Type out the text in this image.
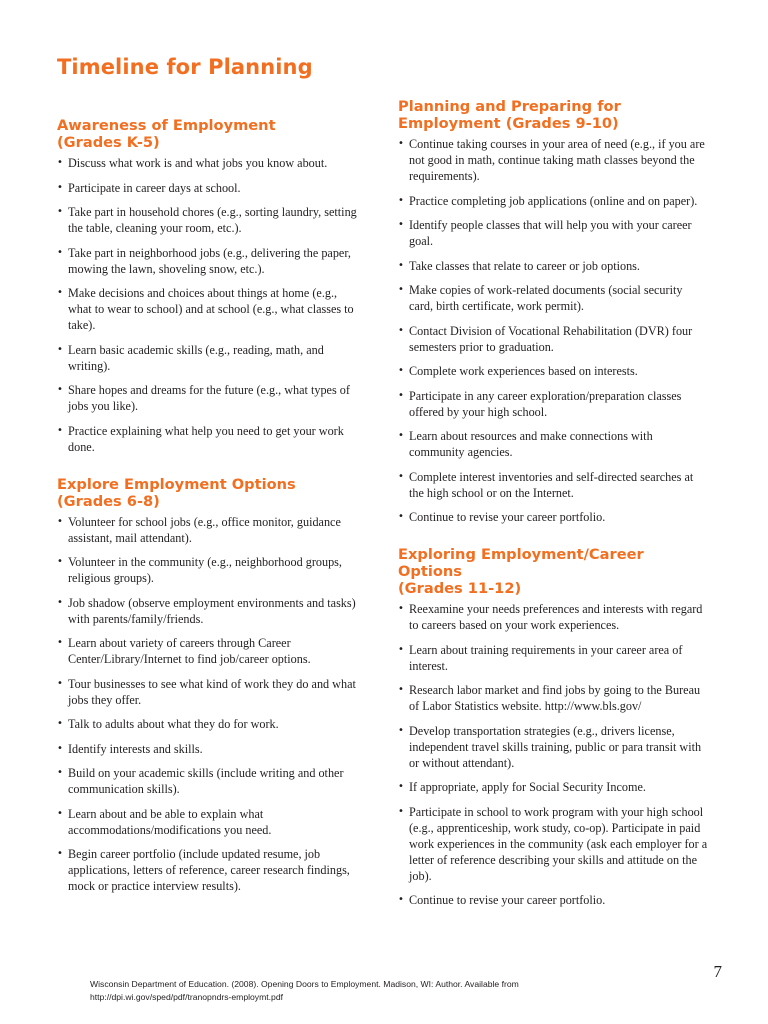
Timeline for Planning
Awareness of Employment
(Grades K-5)
• Discuss what work is and what jobs you know about.
• Participate in career days at school.
• Take part in household chores (e.g., sorting laundry, setting the table, cleaning your room, etc.).
• Take part in neighborhood jobs (e.g., delivering the paper, mowing the lawn, shoveling snow, etc.).
• Make decisions and choices about things at home (e.g., what to wear to school) and at school (e.g., what classes to take).
• Learn basic academic skills (e.g., reading, math, and writing).
• Share hopes and dreams for the future (e.g., what types of jobs you like).
• Practice explaining what help you need to get your work done.
Explore Employment Options
(Grades 6-8)
• Volunteer for school jobs (e.g., office monitor, guidance assistant, mail attendant).
• Volunteer in the community (e.g., neighborhood groups, religious groups).
• Job shadow (observe employment environments and tasks) with parents/family/friends.
• Learn about variety of careers through Career Center/Library/Internet to find job/career options.
• Tour businesses to see what kind of work they do and what jobs they offer.
• Talk to adults about what they do for work.
• Identify interests and skills.
• Build on your academic skills (include writing and other communication skills).
• Learn about and be able to explain what accommodations/modifications you need.
• Begin career portfolio (include updated resume, job applications, letters of reference, career research findings, mock or practice interview results).
Planning and Preparing for
Employment (Grades 9-10)
• Continue taking courses in your area of need (e.g., if you are not good in math, continue taking math classes beyond the requirements).
• Practice completing job applications (online and on paper).
• Identify people classes that will help you with your career goal.
• Take classes that relate to career or job options.
• Make copies of work-related documents (social security card, birth certificate, work permit).
• Contact Division of Vocational Rehabilitation (DVR) four semesters prior to graduation.
• Complete work experiences based on interests.
• Participate in any career exploration/preparation classes offered by your high school.
• Learn about resources and make connections with community agencies.
• Complete interest inventories and self-directed searches at the high school or on the Internet.
• Continue to revise your career portfolio.
Exploring Employment/Career Options
(Grades 11-12)
• Reexamine your needs preferences and interests with regard to careers based on your work experiences.
• Learn about training requirements in your career area of interest.
• Research labor market and find jobs by going to the Bureau of Labor Statistics website. http://www.bls.gov/
• Develop transportation strategies (e.g., drivers license, independent travel skills training, public or para transit with or without attendant).
• If appropriate, apply for Social Security Income.
• Participate in school to work program with your high school (e.g., apprenticeship, work study, co-op). Participate in paid work experiences in the community (ask each employer for a letter of reference describing your skills and attitude on the job).
• Continue to revise your career portfolio.
7
Wisconsin Department of Education. (2008). Opening Doors to Employment. Madison, WI: Author. Available from
http://dpi.wi.gov/sped/pdf/tranopndrs-employmt.pdf
